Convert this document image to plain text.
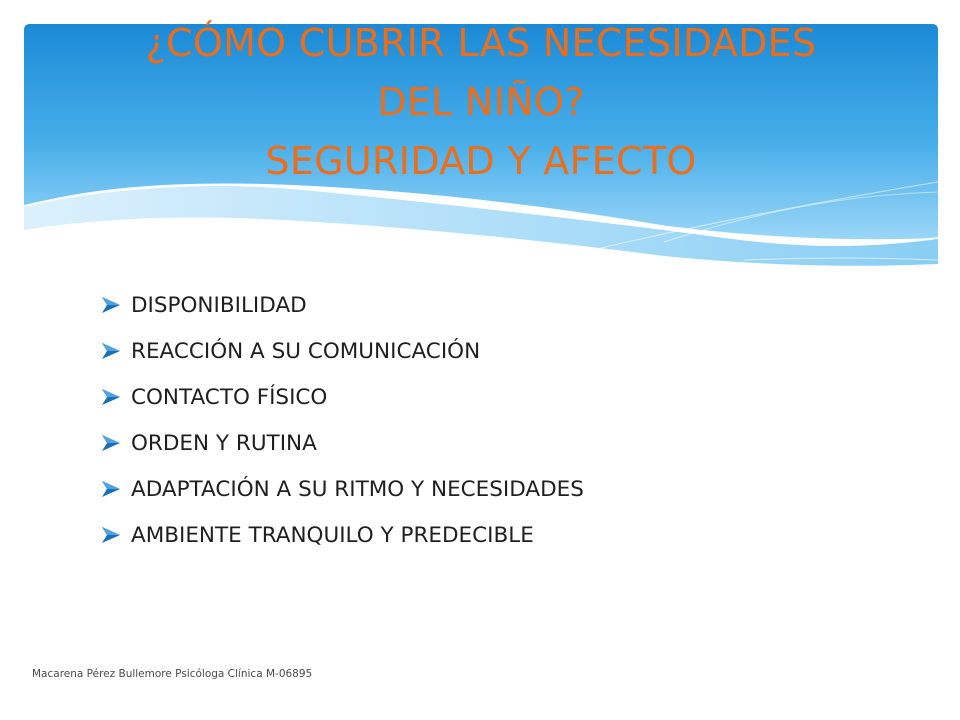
¿CÓMO CUBRIR LAS NECESIDADES
DEL NIÑO?
SEGURIDAD Y AFECTO
DISPONIBILIDAD
REACCIÓN A SU COMUNICACIÓN
CONTACTO FÍSICO
ORDEN Y RUTINA
ADAPTACIÓN A SU RITMO Y NECESIDADES
AMBIENTE TRANQUILO Y PREDECIBLE
Macarena Pérez Bullemore Psicóloga Clínica M-06895
